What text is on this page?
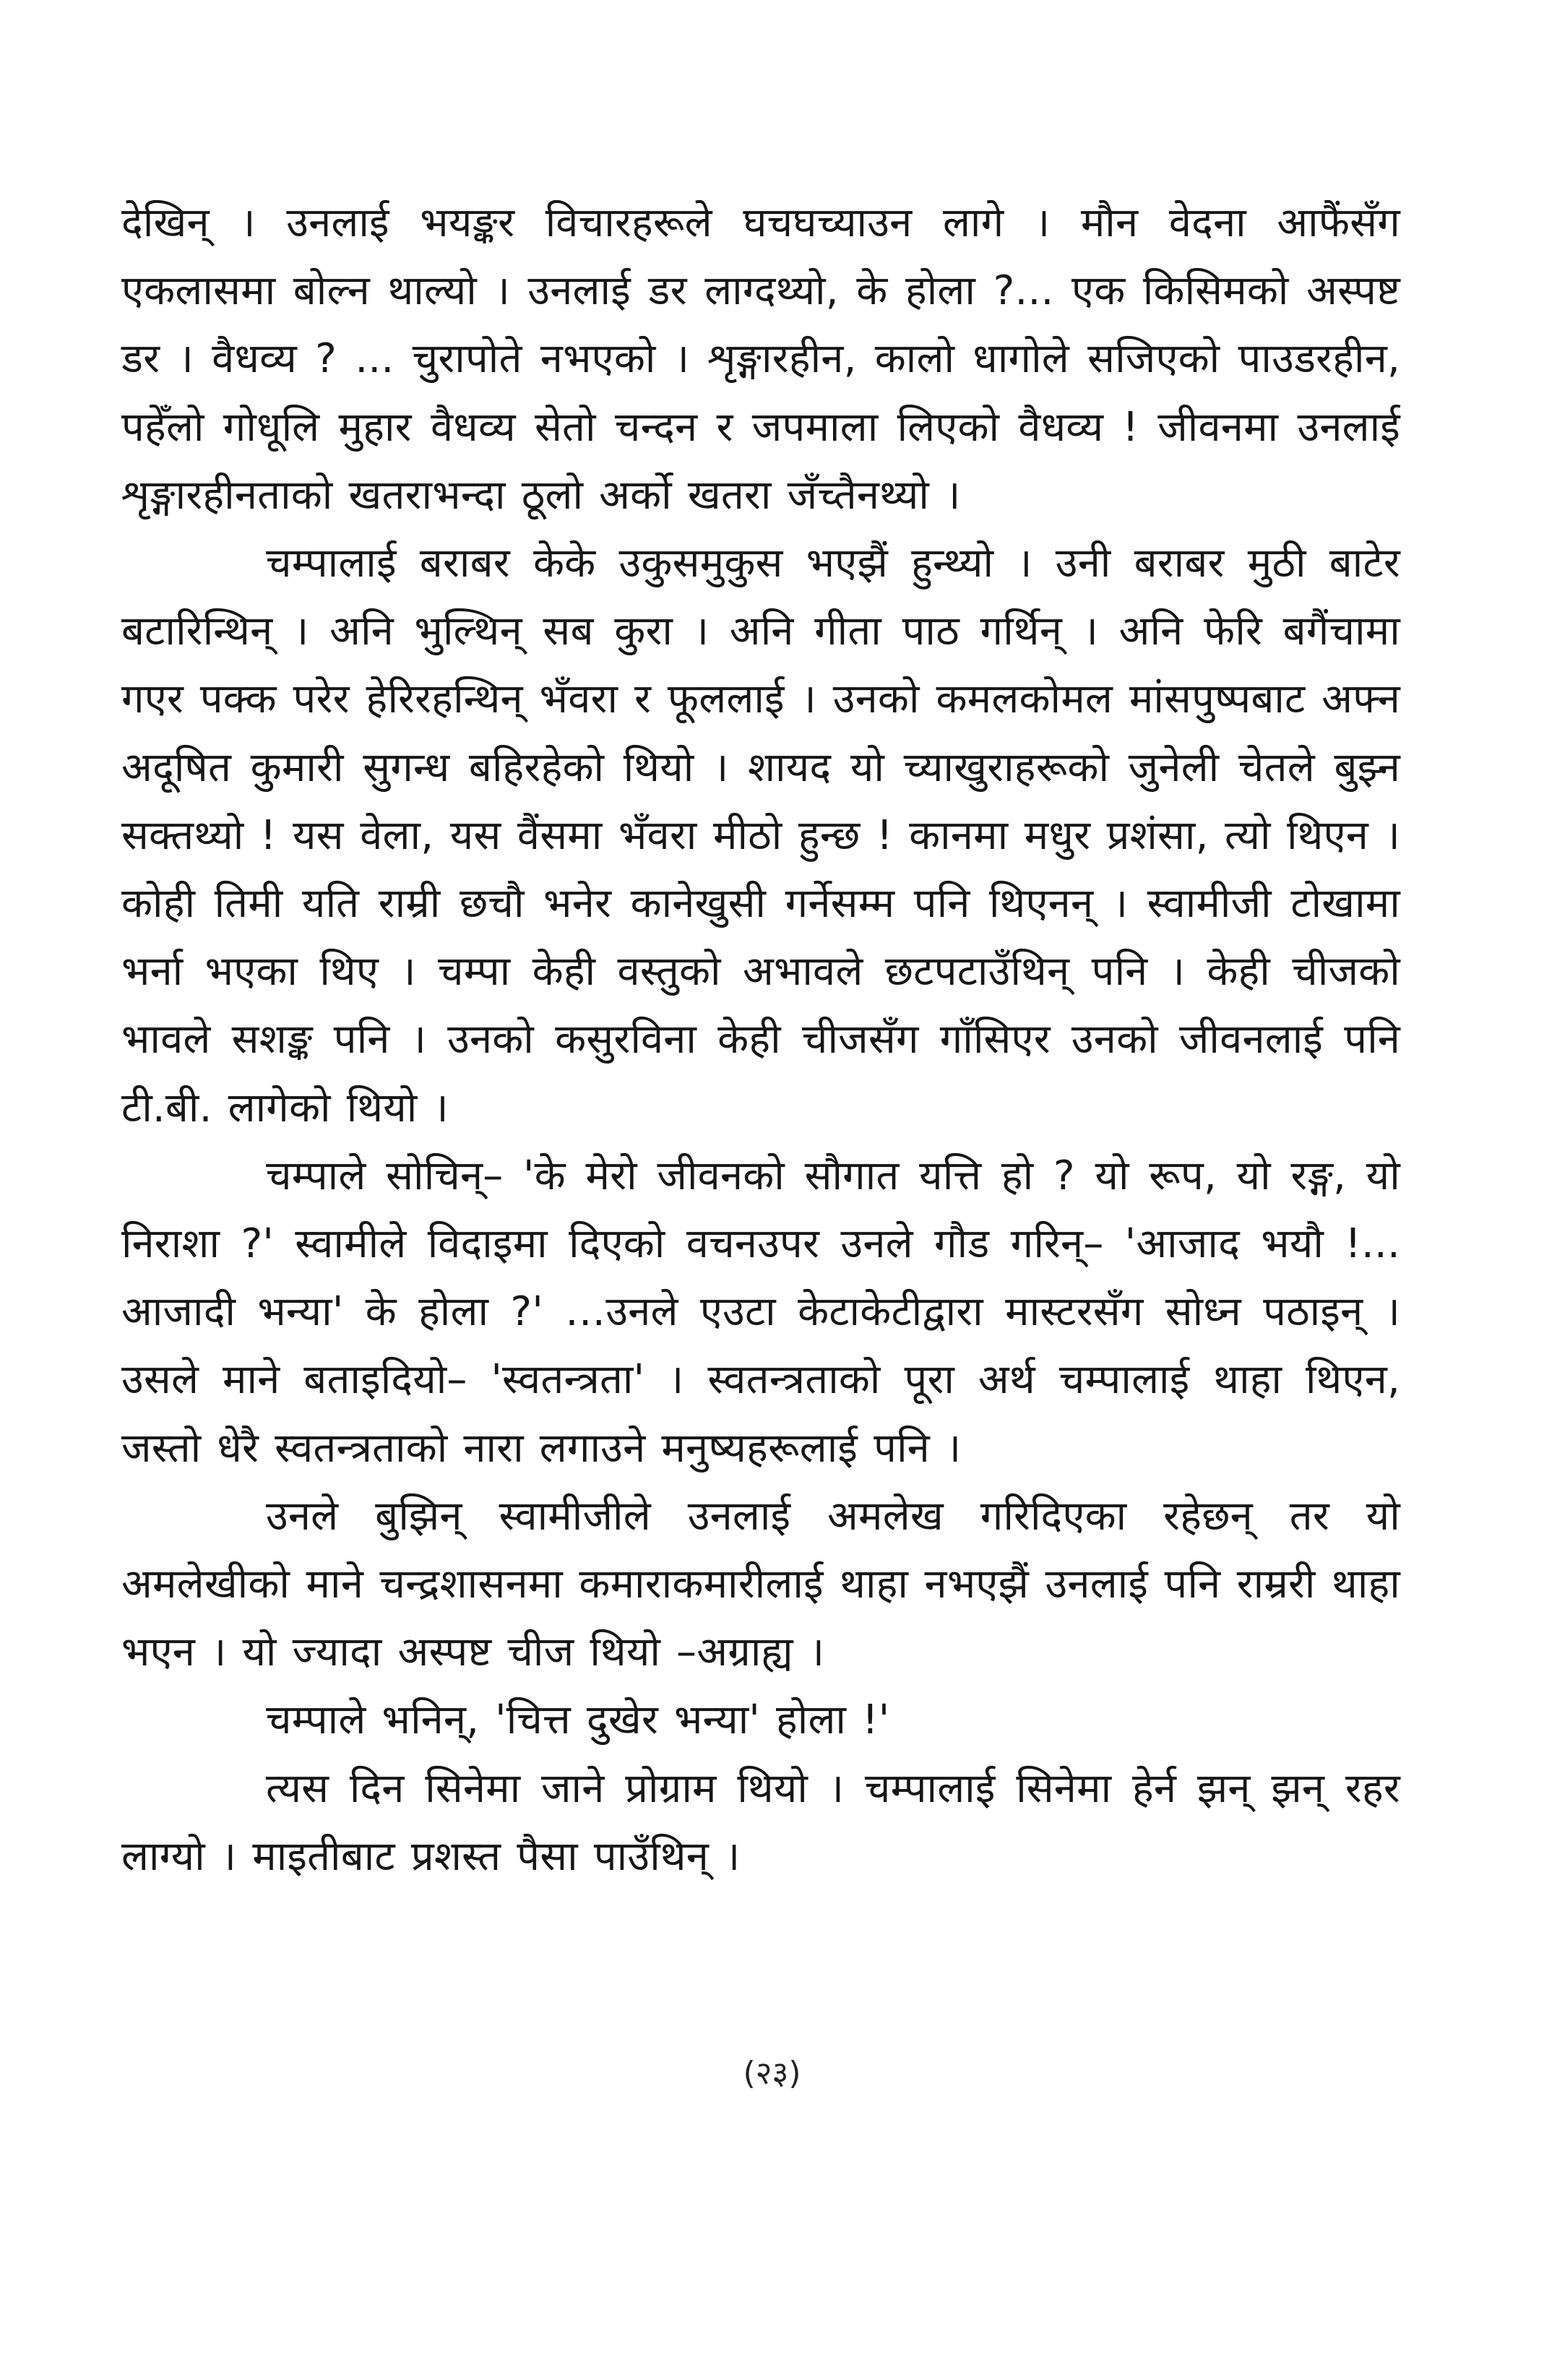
देखिन् । उनलाई भयङ्कर विचारहरूले घचघच्याउन लागे । मौन वेदना आफैंसँग एकलासमा बोल्न थाल्यो । उनलाई डर लाग्दथ्यो, के होला ?... एक किसिमको अस्पष्ट डर । वैधव्य ? ... चुरापोते नभएको । शृङ्गारहीन, कालो धागोले सजिएको पाउडरहीन, पहेँलो गोधूलि मुहार वैधव्य सेतो चन्दन र जपमाला लिएको वैधव्य ! जीवनमा उनलाई शृङ्गारहीनताको खतराभन्दा ठूलो अर्को खतरा जँच्तैनथ्यो ।

चम्पालाई बराबर केके उकुसमुकुस भएझैं हुन्थ्यो । उनी बराबर मुठी बाटेर बटारिन्थिन् । अनि भुल्थिन् सब कुरा । अनि गीता पाठ गर्थिन् । अनि फेरि बगैंचामा गएर पक्क परेर हेरिरहन्थिन् भँवरा र फूललाई । उनको कमलकोमल मांसपुष्पबाट अफ्न अदूषित कुमारी सुगन्ध बहिरहेको थियो । शायद यो च्याखुराहरूको जुनेली चेतले बुझ्न सक्तथ्यो ! यस वेला, यस वैंसमा भँवरा मीठो हुन्छ ! कानमा मधुर प्रशंसा, त्यो थिएन । कोही तिमी यति राम्री छचौ भनेर कानेखुसी गर्नेसम्म पनि थिएनन् । स्वामीजी टोखामा भर्ना भएका थिए । चम्पा केही वस्तुको अभावले छटपटाउँथिन् पनि । केही चीजको भावले सशङ्क पनि । उनको कसुरविना केही चीजसँग गाँसिएर उनको जीवनलाई पनि टी.बी. लागेको थियो ।

चम्पाले सोचिन्– 'के मेरो जीवनको सौगात यत्ति हो ? यो रूप, यो रङ्ग, यो निराशा ?' स्वामीले विदाइमा दिएको वचनउपर उनले गौड गरिन्– 'आजाद भयौ !... आजादी भन्या' के होला ?' …उनले एउटा केटाकेटीद्वारा मास्टरसँग सोध्न पठाइन् । उसले माने बताइदियो– 'स्वतन्त्रता' । स्वतन्त्रताको पूरा अर्थ चम्पालाई थाहा थिएन, जस्तो धेरै स्वतन्त्रताको नारा लगाउने मनुष्यहरूलाई पनि ।

उनले बुझिन् स्वामीजीले उनलाई अमलेख गरिदिएका रहेछन् तर यो अमलेखीको माने चन्द्रशासनमा कमाराकमारीलाई थाहा नभएझैं उनलाई पनि राम्ररी थाहा भएन । यो ज्यादा अस्पष्ट चीज थियो –अग्राह्य ।

चम्पाले भनिन्, 'चित्त दुखेर भन्या' होला !'

त्यस दिन सिनेमा जाने प्रोग्राम थियो । चम्पालाई सिनेमा हेर्न झन् झन् रहर लाग्यो । माइतीबाट प्रशस्त पैसा पाउँथिन् ।

(२३)
